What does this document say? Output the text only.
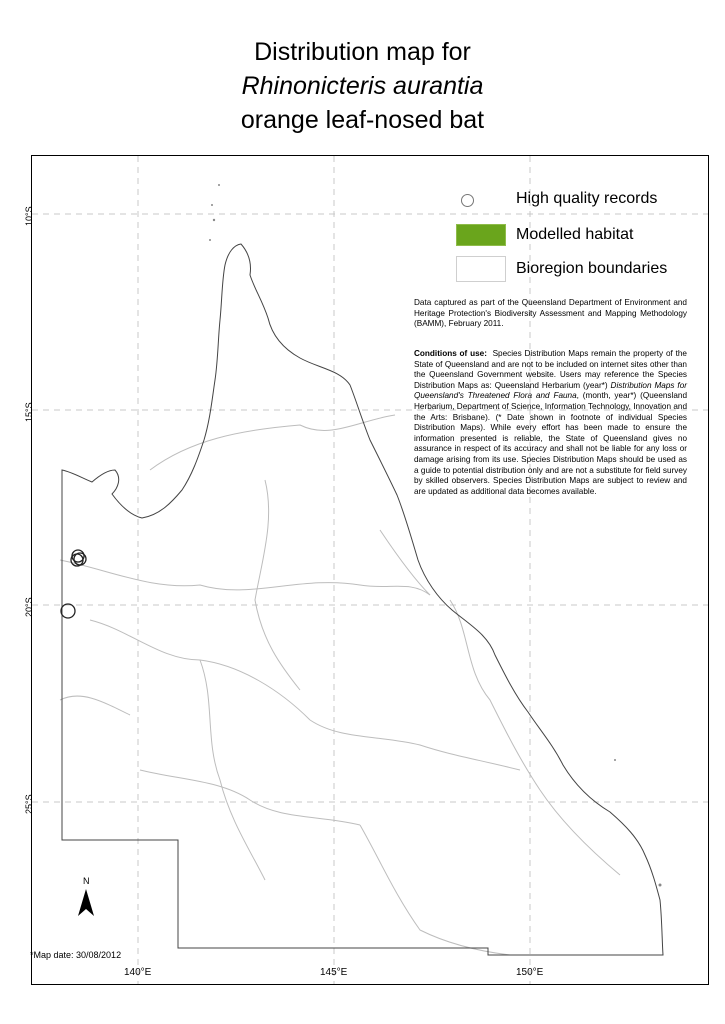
Distribution map for
Rhinonicteris aurantia
orange leaf-nosed bat
10°S
15°S
20°S
25°S
140°E	145°E	150°E
High quality records
Modelled habitat
Bioregion boundaries
Data captured as part of the Queensland Department of Environment and Heritage Protection's Biodiversity Assessment and Mapping Methodology (BAMM), February 2011.
Conditions of use: Species Distribution Maps remain the property of the State of Queensland and are not to be included on internet sites other than the Queensland Government website. Users may reference the Species Distribution Maps as: Queensland Herbarium (year*) Distribution Maps for Queensland's Threatened Flora and Fauna, (month, year*) (Queensland Herbarium, Department of Science, Information Technology, Innovation and the Arts: Brisbane). (* Date shown in footnote of individual Species Distribution Maps). While every effort has been made to ensure the information presented is reliable, the State of Queensland gives no assurance in respect of its accuracy and shall not be liable for any loss or damage arising from its use. Species Distribution Maps should be used as a guide to potential distribution only and are not a substitute for field survey by skilled observers. Species Distribution Maps are subject to review and are updated as additional data becomes available.
N
*Map date: 30/08/2012
